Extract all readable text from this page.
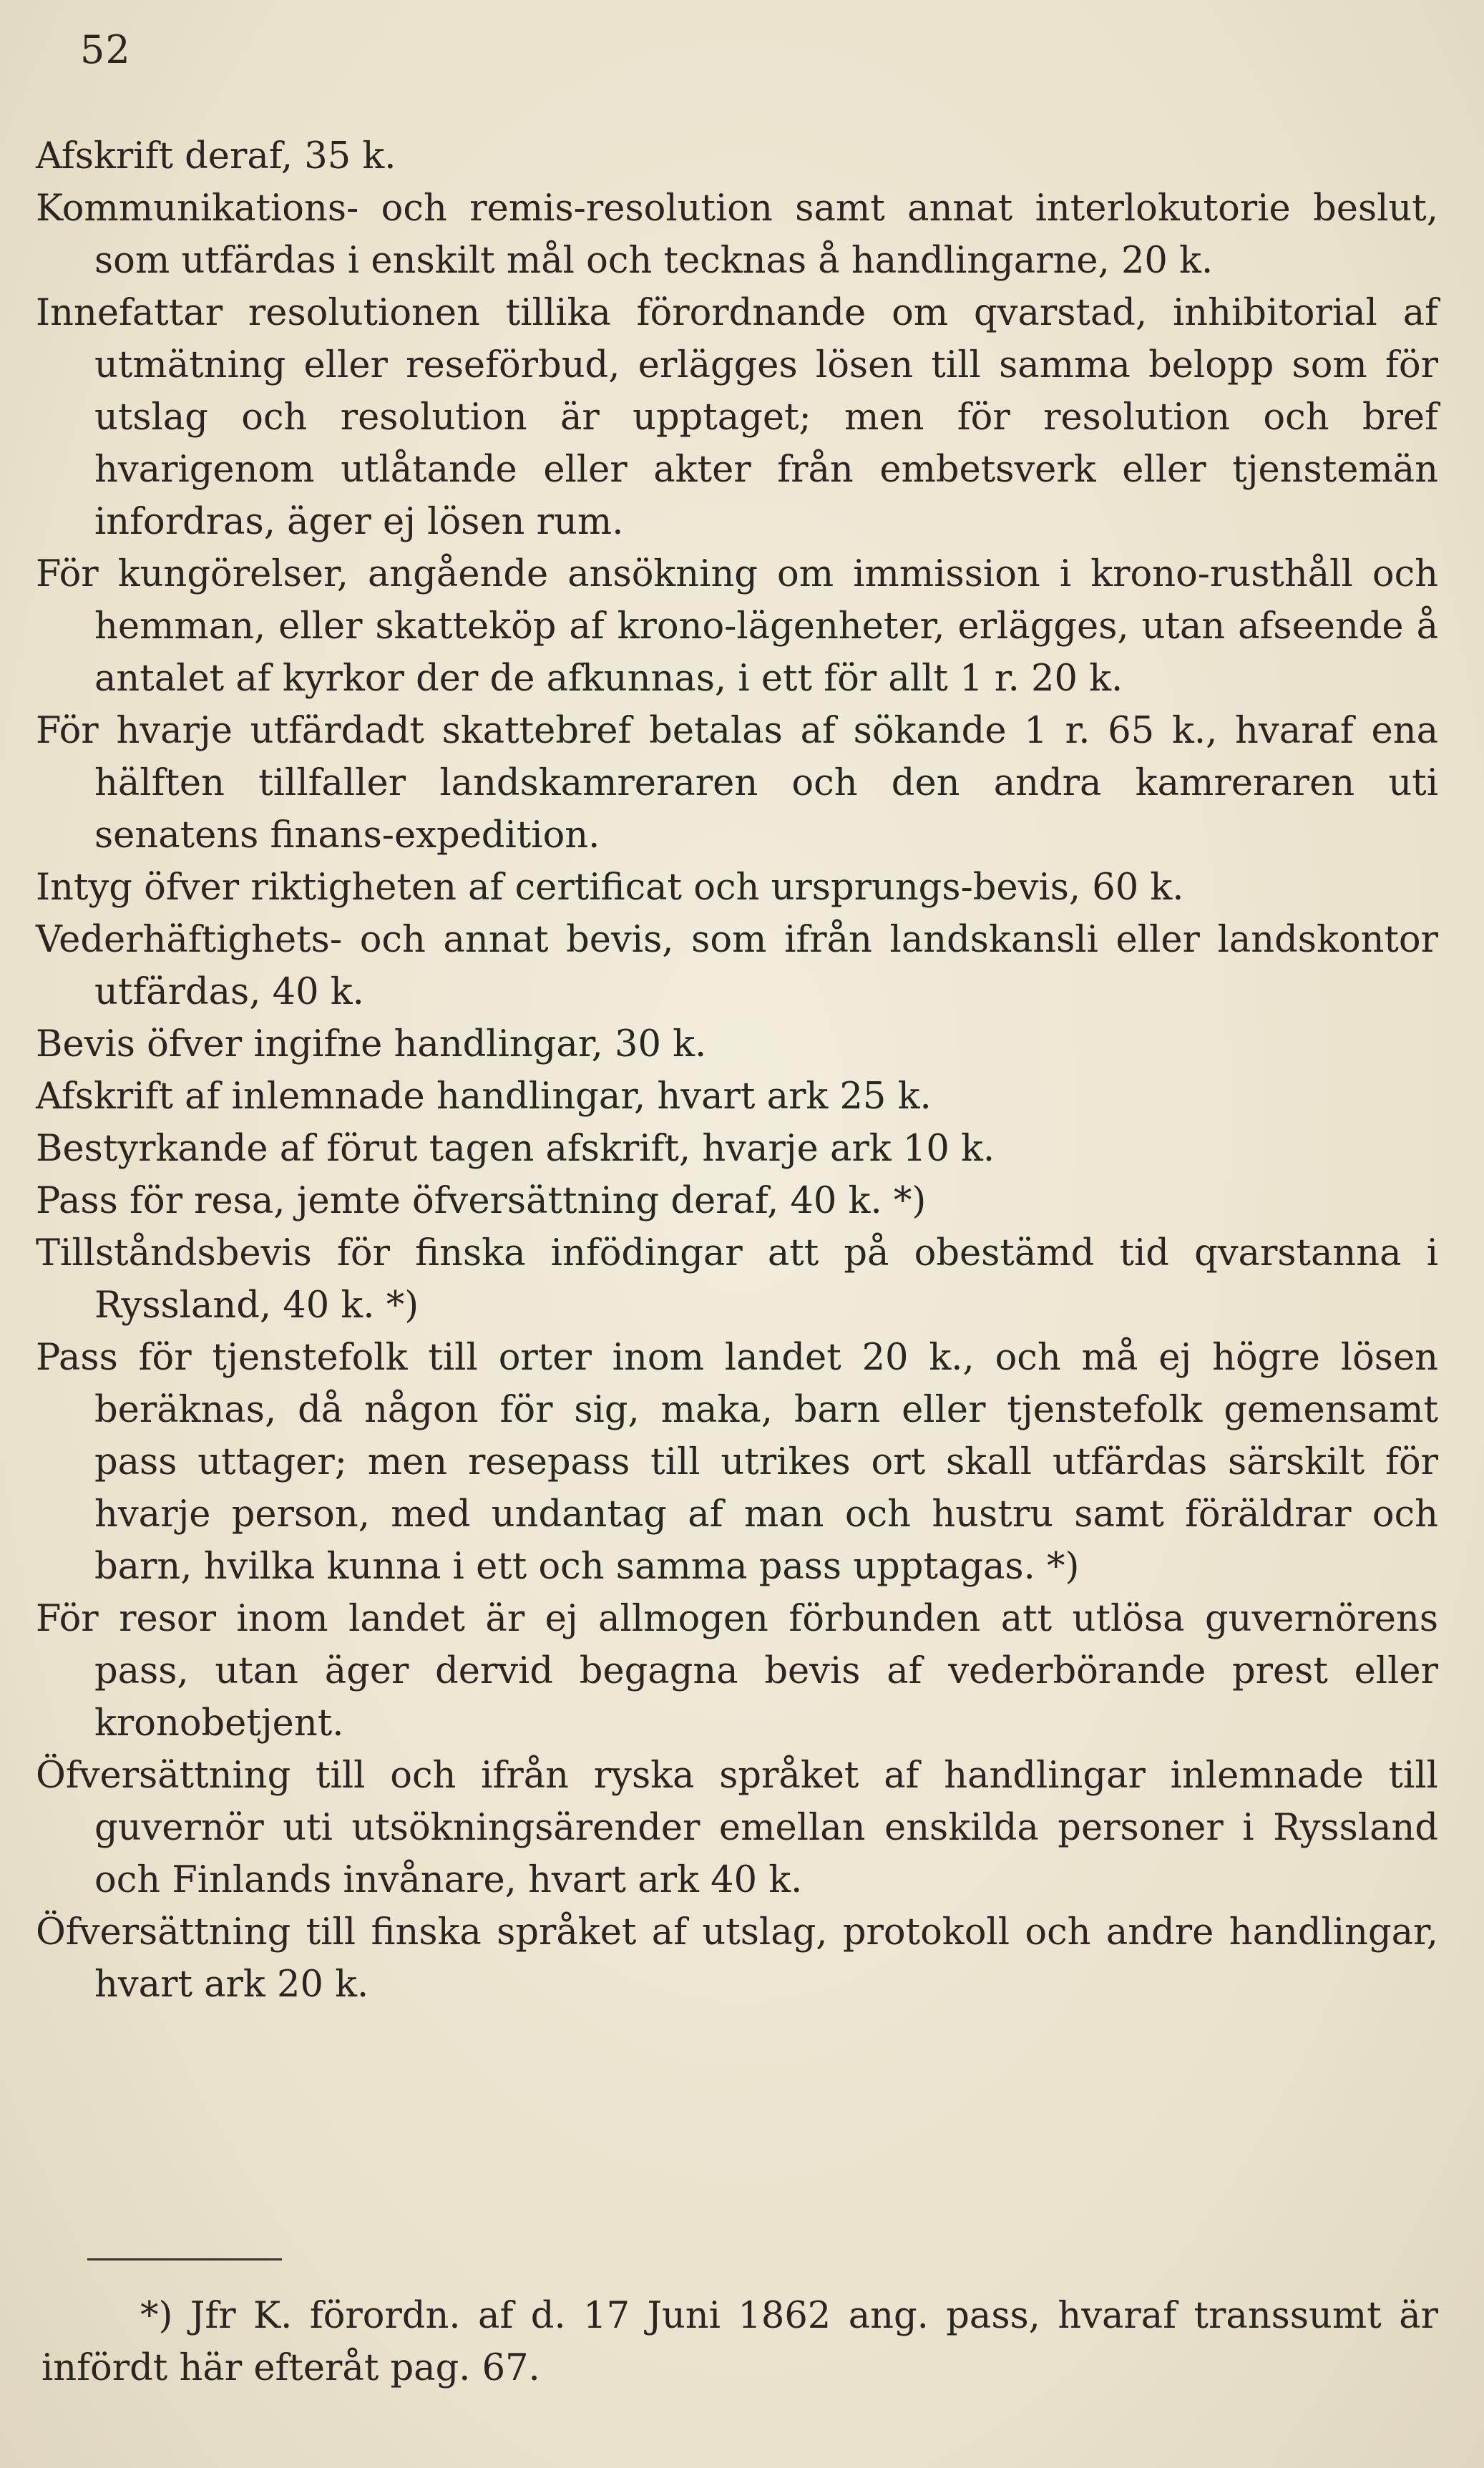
52

Afskrift deraf, 35 k.

Kommunikations- och remis-resolution samt annat interlokutorie beslut, som utfärdas i enskilt mål och tecknas å handlingarne, 20 k.

Innefattar resolutionen tillika förordnande om qvarstad, inhibitorial af utmätning eller reseförbud, erlägges lösen till samma belopp som för utslag och resolution är upptaget; men för resolution och bref hvarigenom utlåtande eller akter från embetsverk eller tjenstemän infordras, äger ej lösen rum.

För kungörelser, angående ansökning om immission i krono-rusthåll och hemman, eller skatteköp af krono-lägenheter, erlägges, utan afseende å antalet af kyrkor der de afkunnas, i ett för allt 1 r. 20 k.

För hvarje utfärdadt skattebref betalas af sökande 1 r. 65 k., hvaraf ena hälften tillfaller landskamreraren och den andra kamreraren uti senatens finans-expedition.

Intyg öfver riktigheten af certificat och ursprungs-bevis, 60 k.

Vederhäftighets- och annat bevis, som ifrån landskansli eller landskontor utfärdas, 40 k.

Bevis öfver ingifne handlingar, 30 k.

Afskrift af inlemnade handlingar, hvart ark 25 k.

Bestyrkande af förut tagen afskrift, hvarje ark 10 k.

Pass för resa, jemte öfversättning deraf, 40 k. *)

Tillståndsbevis för finska infödingar att på obestämd tid qvarstanna i Ryssland, 40 k. *)

Pass för tjenstefolk till orter inom landet 20 k., och må ej högre lösen beräknas, då någon för sig, maka, barn eller tjenstefolk gemensamt pass uttager; men resepass till utrikes ort skall utfärdas särskilt för hvarje person, med undantag af man och hustru samt föräldrar och barn, hvilka kunna i ett och samma pass upptagas. *)

För resor inom landet är ej allmogen förbunden att utlösa guvernörens pass, utan äger dervid begagna bevis af vederbörande prest eller kronobetjent.

Öfversättning till och ifrån ryska språket af handlingar inlemnade till guvernör uti utsökningsärender emellan enskilda personer i Ryssland och Finlands invånare, hvart ark 40 k.

Öfversättning till finska språket af utslag, protokoll och andre handlingar, hvart ark 20 k.

*) Jfr K. förordn. af d. 17 Juni 1862 ang. pass, hvaraf transsumt är infördt här efteråt pag. 67.
